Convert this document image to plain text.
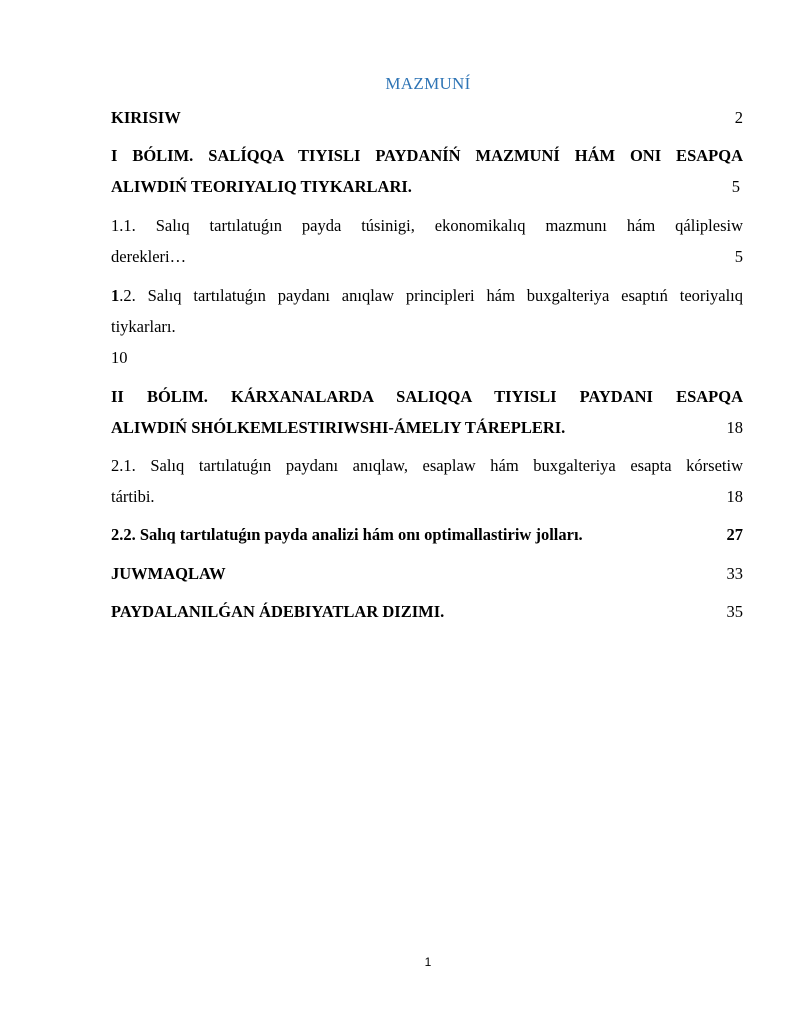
MAZMUNÍ
KIRISIW	2
I BÓLIM. SALÍQQA TIYISLI PAYDANÍŃ MAZMUNÍ HÁM ONI ESAPQA
ALIWDIŃ TEORIYALIQ TIYKARLARI.	5
1.1. Salıq tartılatuǵın payda túsinigi, ekonomikalıq mazmunı hám qáliplesiw
derekleri…	5
1.2. Salıq tartılatuǵın paydanı anıqlaw principleri hám buxgalteriya esaptıń teoriyalıq
tiykarları.
10
II BÓLIM. KÁRXANALARDA SALIQQA TIYISLI PAYDANI ESAPQA
ALIWDIŃ SHÓLKEMLESTIRIWSHI-ÁMELIY TÁREPLERI.	18
2.1. Salıq tartılatuǵın paydanı anıqlaw, esaplaw hám buxgalteriya esapta kórsetiw
tártibi.	18
2.2. Salıq tartılatuǵın payda analizi hám onı optimallastiriw jolları.	27
JUWMAQLAW	33
PAYDALANILǴAN ÁDEBIYATLAR DIZIMI.	35
1
